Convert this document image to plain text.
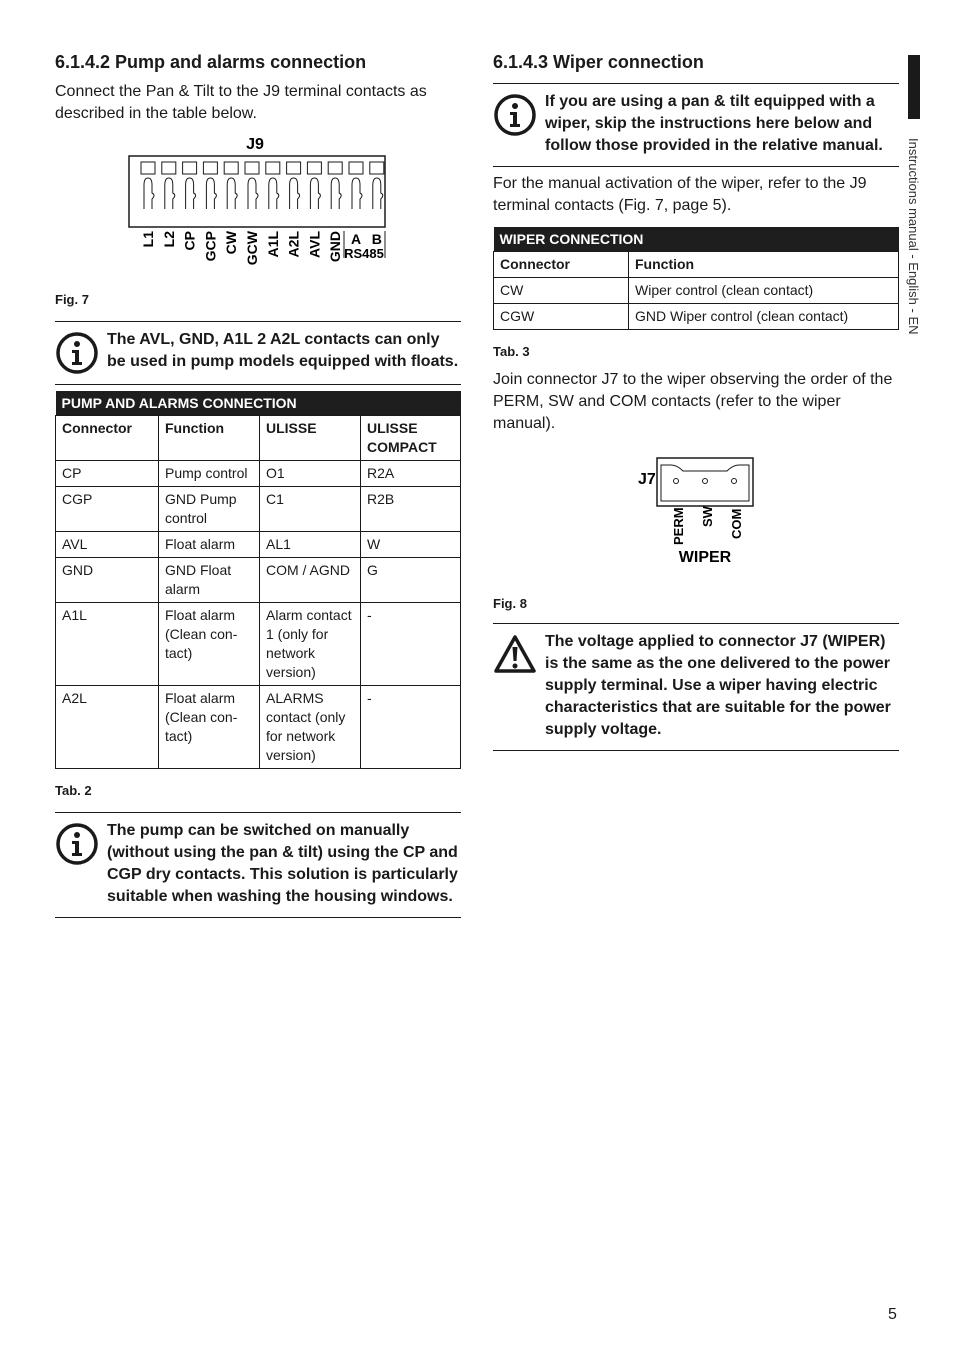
6.1.4.2 Pump and alarms connection

Connect the Pan & Tilt to the J9 terminal contacts as described in the table below.

J9
L1 L2 CP GCP CW GCW A1L A2L AVL GND A B
RS485
Fig. 7
The AVL, GND, A1L 2 A2L contacts can only be used in pump models equipped with floats.
PUMP AND ALARMS CONNECTION			
Connector	Function	ULISSE	ULISSE COMPACT
CP	Pump control	O1	R2A
CGP	GND Pump control	C1	R2B
AVL	Float alarm	AL1	W
GND	GND Float alarm	COM / AGND	G
A1L	Float alarm (Clean con-tact)	Alarm contact 1 (only for network version)	-
A2L	Float alarm (Clean con-tact)	ALARMS contact (only for network version)	-
Tab. 2
The pump can be switched on manually (without using the pan & tilt) using the CP and CGP dry contacts. This solution is particularly suitable when washing the housing windows.
6.1.4.3 Wiper connection
If you are using a pan & tilt equipped with a wiper, skip the instructions here below and follow those provided in the relative manual.

For the manual activation of the wiper, refer to the J9 terminal contacts (Fig. 7, page 5).

WIPER CONNECTION	
Connector	Function
CW	Wiper control (clean contact)
CGW	GND Wiper control (clean contact)
Tab. 3

Join connector J7 to the wiper observing the order of the PERM, SW and COM contacts (refer to the wiper manual).

J7
PERM SW COM
WIPER
Fig. 8
The voltage applied to connector J7 (WIPER) is the same as the one delivered to the power supply terminal. Use a wiper having electric characteristics that are suitable for the power supply voltage.
Instructions manual - English - EN
5
